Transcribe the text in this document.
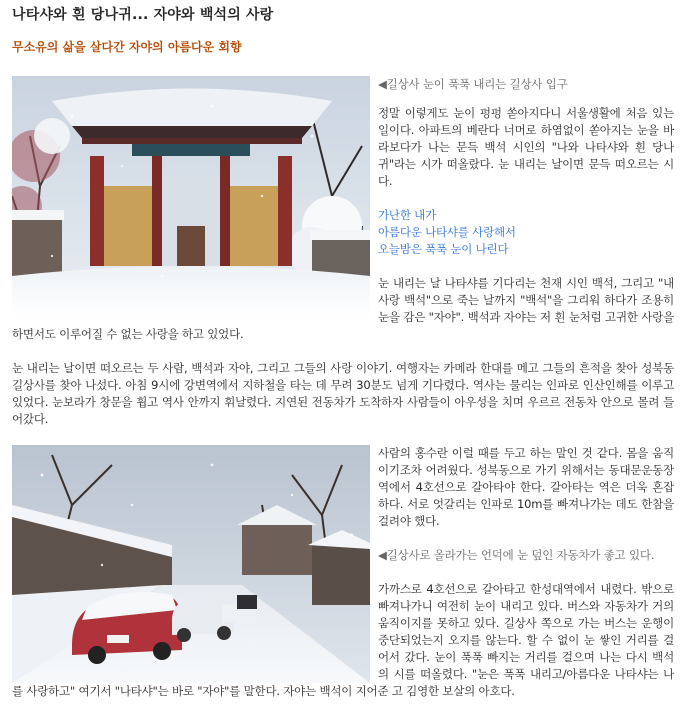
나타샤와 흰 당나귀... 자야와 백석의 사랑
무소유의 삶을 살다간 자야의 아름다운 회향

◀길상사 눈이 푹푹 내리는 길상사 입구

정말 이렇게도 눈이 펑펑 쏟아지다니 서울생활에 처음 있는 일이다. 아파트의 베란다 너머로 하염없이 쏟아지는 눈을 바라보다가 나는 문득 백석 시인의 "나와 나타샤와 흰 당나귀"라는 시가 떠올랐다. 눈 내리는 날이면 문득 떠오르는 시다.

가난한 내가

아름다운 나타샤를 사랑해서

오늘밤은 푹푹 눈이 나린다

눈 내리는 날 나타샤를 기다리는 천재 시인 백석, 그리고 "내 사랑 백석"으로 죽는 날까지 "백석"을 그리워 하다가 조용히 눈을 감은 "자야". 백석과 자야는 저 흰 눈처럼 고귀한 사랑을 하면서도 이루어질 수 없는 사랑을 하고 있었다.

눈 내리는 날이면 떠오르는 두 사람, 백석과 자야, 그리고 그들의 사랑 이야기. 여행자는 카메라 한대를 메고 그들의 흔적을 찾아 성북동 길상사를 찾아 나섰다. 아침 9시에 강변역에서 지하철을 타는 데 무려 30분도 넘게 기다렸다. 역사는 물리는 인파로 인산인해를 이루고 있었다. 눈보라가 창문을 휩고 역사 안까지 휘날렸다. 지연된 전동차가 도착하자 사람들이 아우성을 치며 우르르 전동차 안으로 몰려 들어갔다.

사람의 홍수란 이럴 때를 두고 하는 말인 것 같다. 몸을 움직이기조차 어려웠다. 성북동으로 가기 위해서는 동대문운동장역에서 4호선으로 갈아타야 한다. 갈아타는 역은 더욱 혼잡하다. 서로 엇갈리는 인파로 10m를 빠져나가는 데도 한참을 걸려야 했다.

◀길상사로 올라가는 언덕에 눈 덮인 자동차가 좋고 있다.

가까스로 4호선으로 갈아타고 한성대역에서 내렸다. 밖으로 빠져나가니 여전히 눈이 내리고 있다. 버스와 자동차가 거의 움직이지를 못하고 있다. 길상사 쪽으로 가는 버스는 운행이 중단되었는지 오지를 않는다. 할 수 없이 눈 쌓인 거리를 걸어서 갔다. 눈이 푹푹 빠지는 거리를 걸으며 나는 다시 백석의 시를 떠올렸다. "눈은 푹푹 내리고/아름다운 나타샤는 나를 사랑하고" 여기서 "나타샤"는 바로 "자야"를 말한다. 자야는 백석이 지어준 고 김영한 보살의 아호다.
